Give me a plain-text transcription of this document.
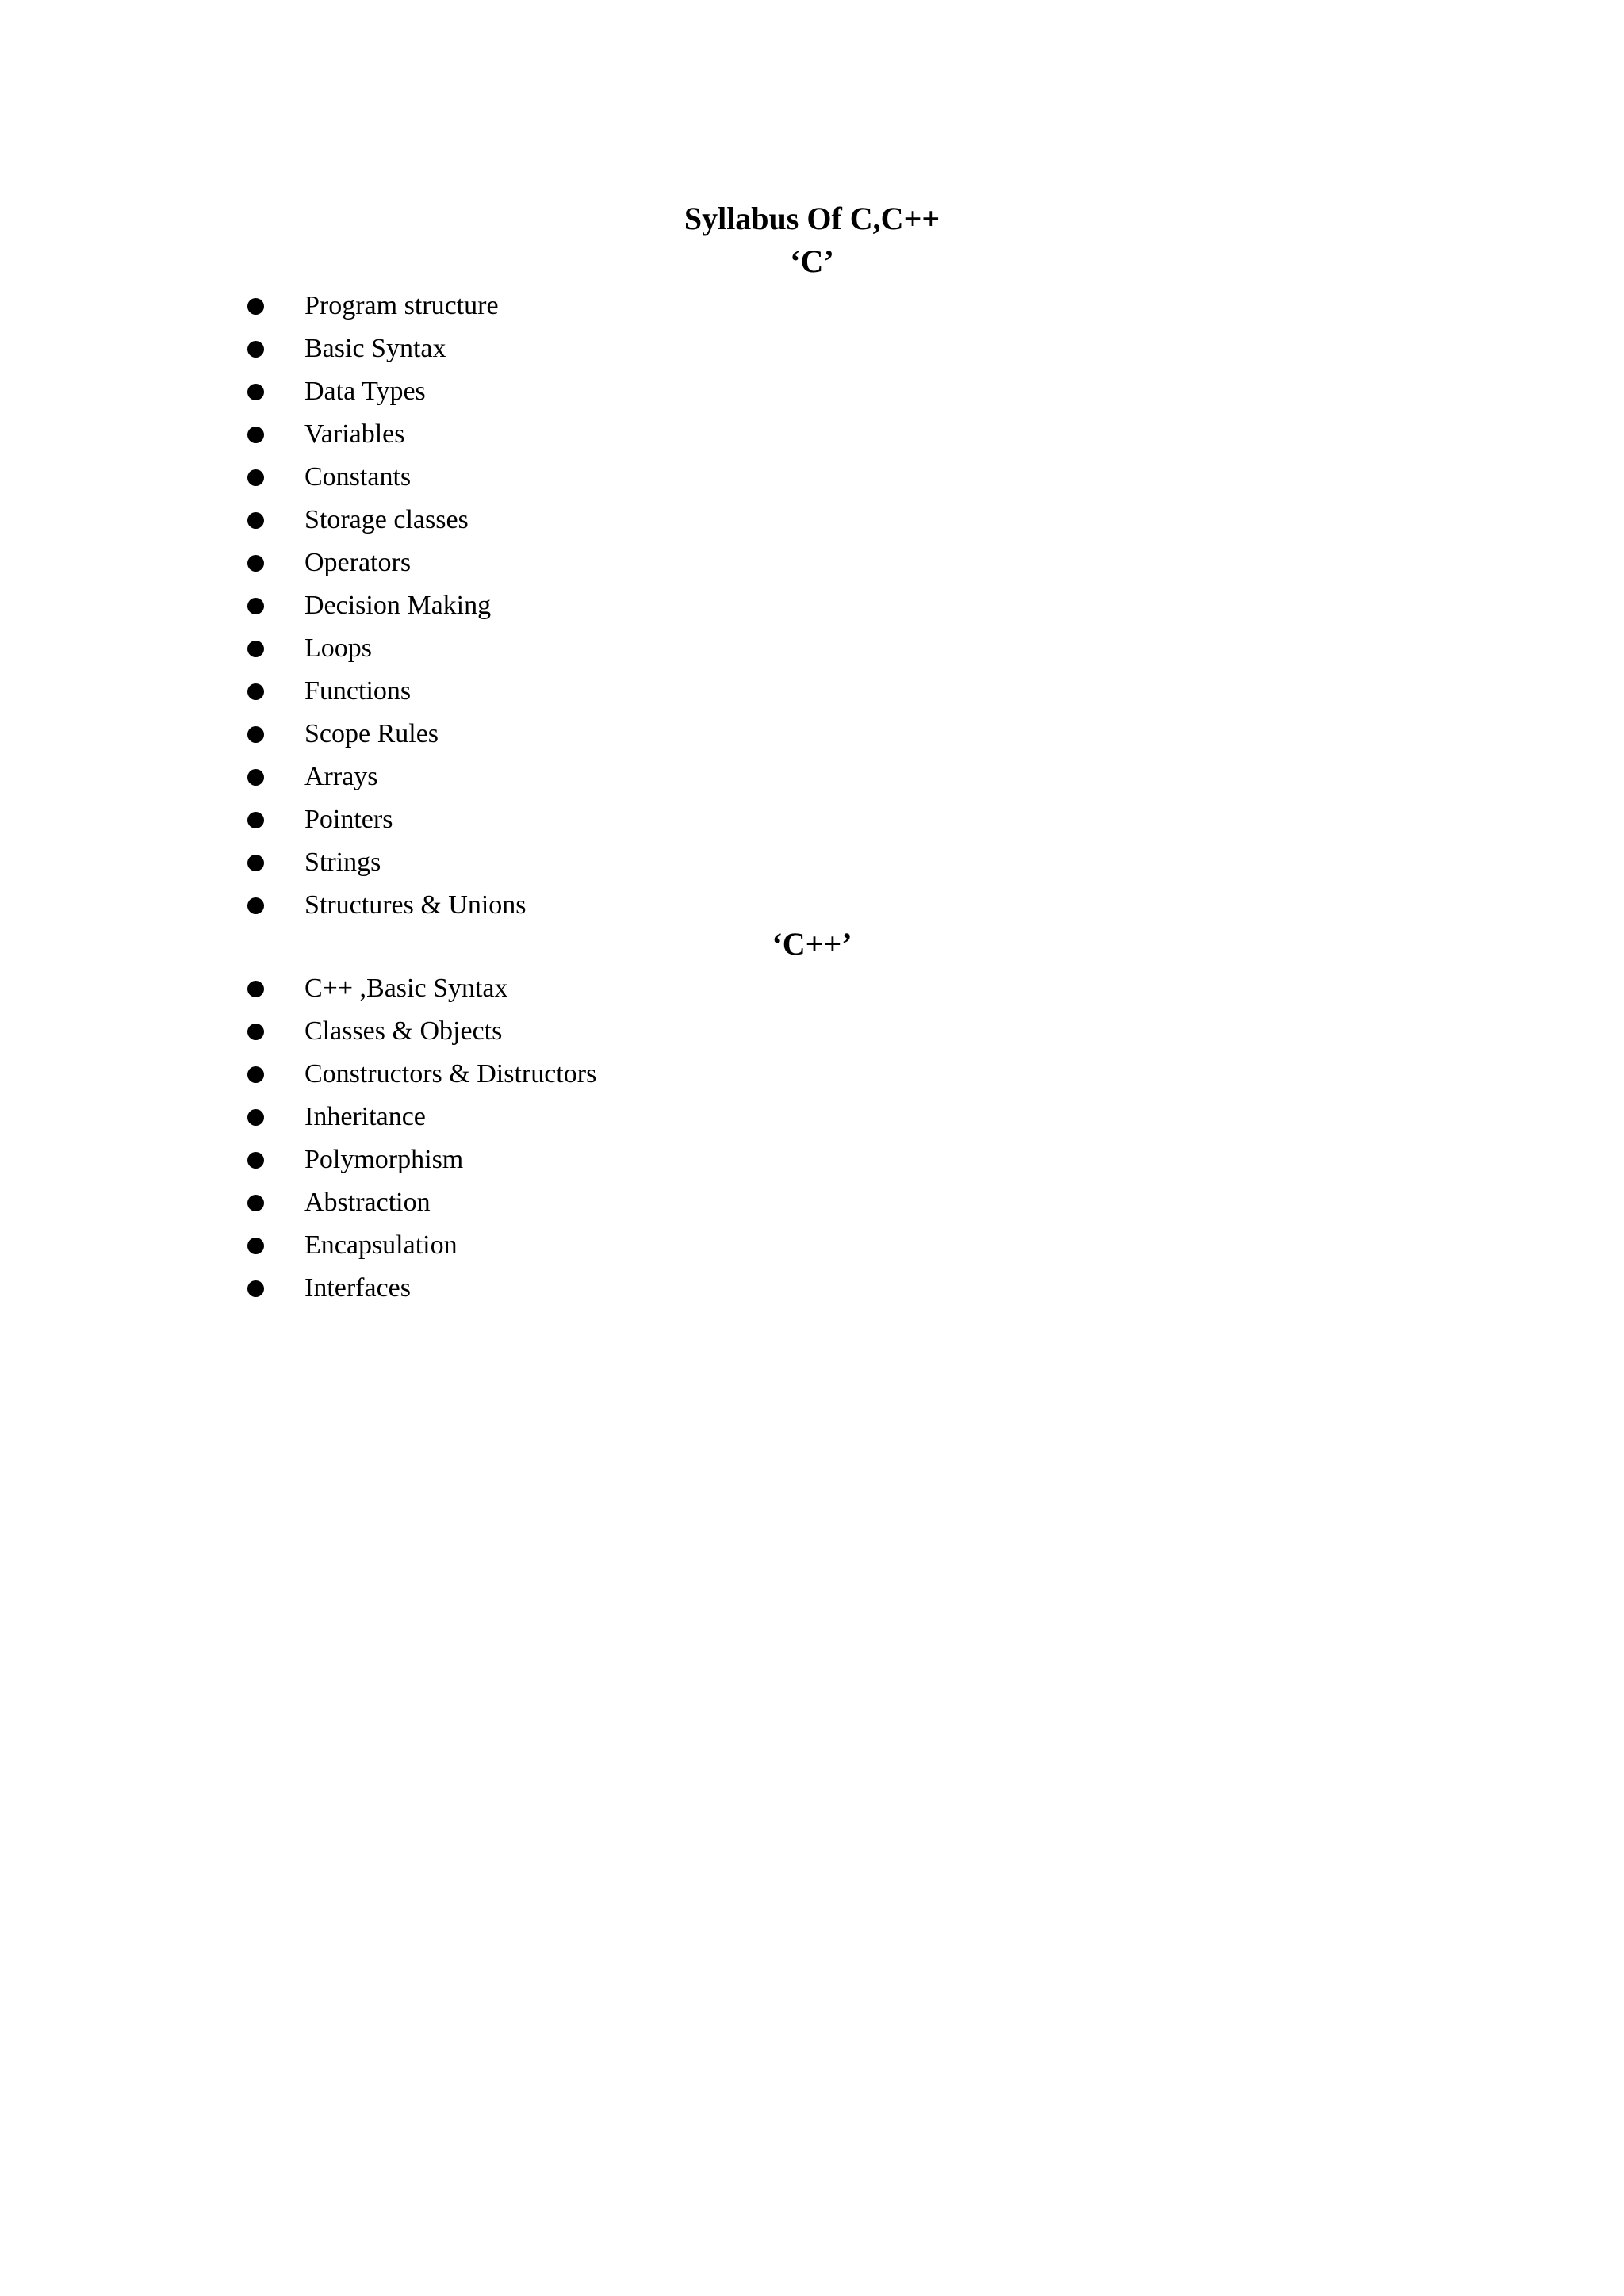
Syllabus Of C,C++
‘C’
Program structure
Basic Syntax
Data Types
Variables
Constants
Storage classes
Operators
Decision Making
Loops
Functions
Scope Rules
Arrays
Pointers
Strings
Structures & Unions
‘C++’
C++ ,Basic Syntax
Classes & Objects
Constructors & Distructors
Inheritance
Polymorphism
Abstraction
Encapsulation
Interfaces
